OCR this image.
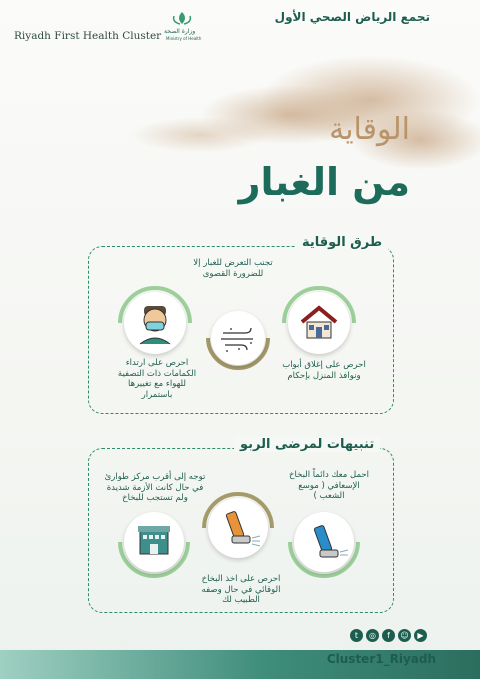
تجمع الرياض الصحي الأول
Riyadh First Health Cluster وزارة الصحة
Ministry of Health
الوقاية
من الغبار
طرق الوقاية
تجنب التعرض للغبار إلا للضرورة القصوى
احرص على إغلاق أبواب ونوافذ المنزل بإحكام
احرص على ارتداء الكمامات ذات التصفية للهواء مع تغييرها باستمرار
تنبيهات لمرضى الربو
احمل معك دائماً البخاخ الإسعافي ( موسع الشعب )
توجه إلى أقرب مركز طوارئ في حال كانت الأزمة شديدة ولم تستجب للبخاخ
احرص على اخذ البخاخ الوقائي في حال وصفه الطبيب لك
t	◎	f	☺	▶
Cluster1_Riyadh
